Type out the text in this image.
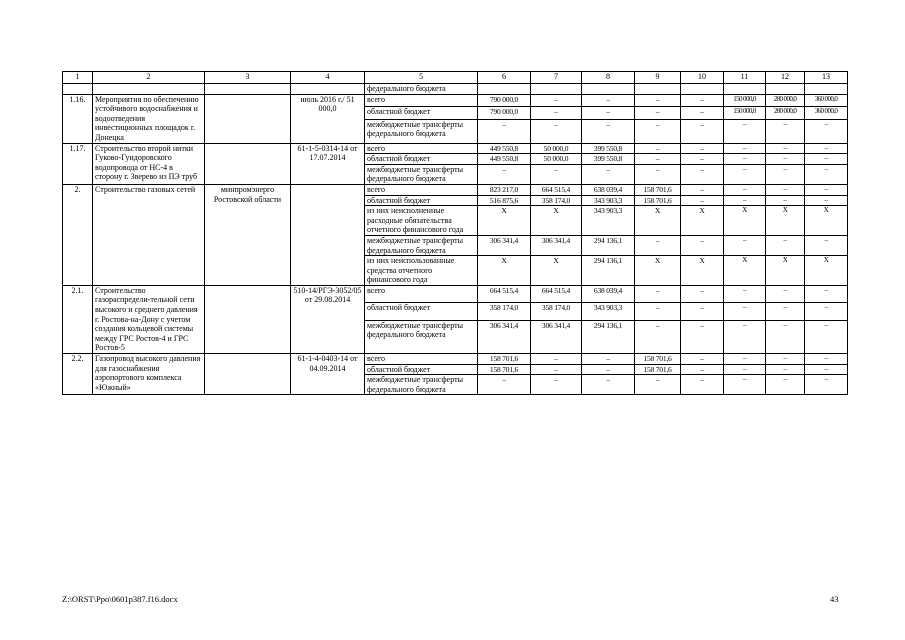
1	2	3	4	5	6	7	8	9	10	11	12	13
				федерального бюджета								
1.16.	Мероприятия по обеспечению устойчивого водоснабжения и водоотведения инвестиционных площадок г. Донецка		июль 2016 г./ 51 000,0	всего	790 000,0	–	–	–	–	150 000,0	280 000,0	360 000,0
				областной бюджет	790 000,0	–	–	–	–	150 000,0	280 000,0	360 000,0
				межбюджетные трансферты федерального бюджета	–	–	–	–	–	–	–	–
1.17.	Строительство второй нитки Гуково-Гуидоровского водопровода от НС-4 в сторону г. Зверево из ПЭ труб		61-1-5-0314-14 от 17.07.2014	всего	449 550,8	50 000,0	399 550,8	–	–	–	–	–
				областной бюджет	449 550,8	50 000,0	399 550,8	–	–	–	–	–
				межбюджетные трансферты федерального бюджета	–	–	–	–	–	–	–	–
2.	Строительство газовых сетей	минпромэнерго Ростовской области		всего	823 217,0	664 515,4	638 039,4	158 701,6	–	–	–	–
				областной бюджет	516 875,6	358 174,0	343 903,3	158 701,6	–	–	–	–
				из них неисполненные расходные обязательства отчетного финансового года	X	X	343 903,3	X	X	X	X	X
				межбюджетные трансферты федерального бюджета	306 341,4	306 341,4	294 136,1	–	–	–	–	–
				из них неиспользованные средства отчетного финансового года	X	X	294 136,1	X	X	X	X	X
2.1.	Строительство газораспредели-тельной сети высокого и среднего давления г. Ростова-на-Дону с учетом создания кольцевой системы между ГРС Ростов-4 и ГРС Ростов-5		510-14/РГЭ-3052/05 от 29.08.2014	всего	664 515,4	664 515,4	638 039,4	–	–	–	–	–
				областной бюджет	358 174,0	358 174,0	343 903,3	–	–	–	–	–
				межбюджетные трансферты федерального бюджета	306 341,4	306 341,4	294 136,1	–	–	–	–	–
2.2.	Газопровод высокого давления для газоснабжения аэропортового комплекса «Южный»		61-1-4-0403-14 от 04.09.2014	всего	158 701,6	–	–	158 701,6	–	–	–	–
				областной бюджет	158 701,6	–	–	158 701,6	–	–	–	–
				межбюджетные трансферты федерального бюджета	–	–	–	–	–	–	–	–
Z:\ORST\Ppo\0601p387.f16.docx	43
